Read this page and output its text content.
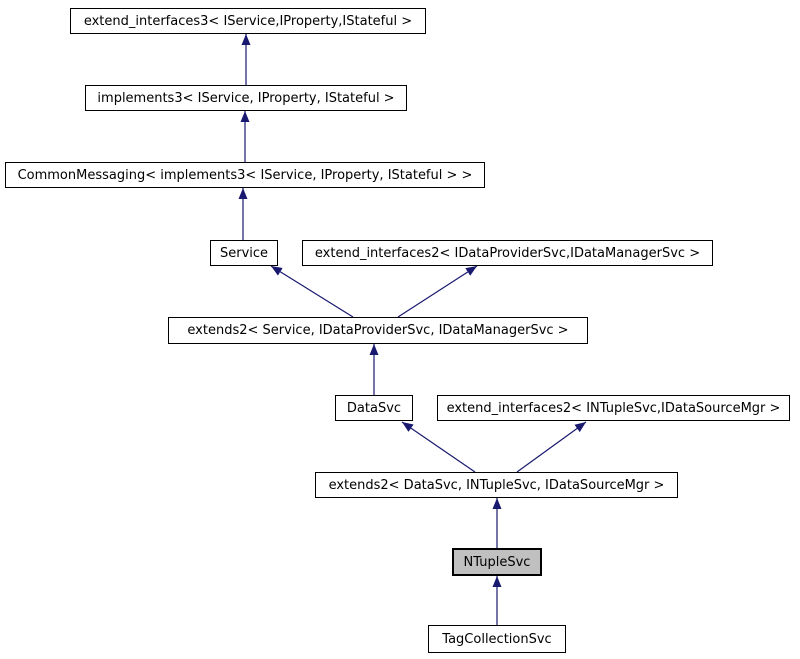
extend_interfaces3< IService,IProperty,IStateful >
implements3< IService, IProperty, IStateful >
CommonMessaging< implements3< IService, IProperty, IStateful > >
Service	extend_interfaces2< IDataProviderSvc,IDataManagerSvc >
extends2< Service, IDataProviderSvc, IDataManagerSvc >
DataSvc	extend_interfaces2< INTupleSvc,IDataSourceMgr >
extends2< DataSvc, INTupleSvc, IDataSourceMgr >
NTupleSvc
TagCollectionSvc
